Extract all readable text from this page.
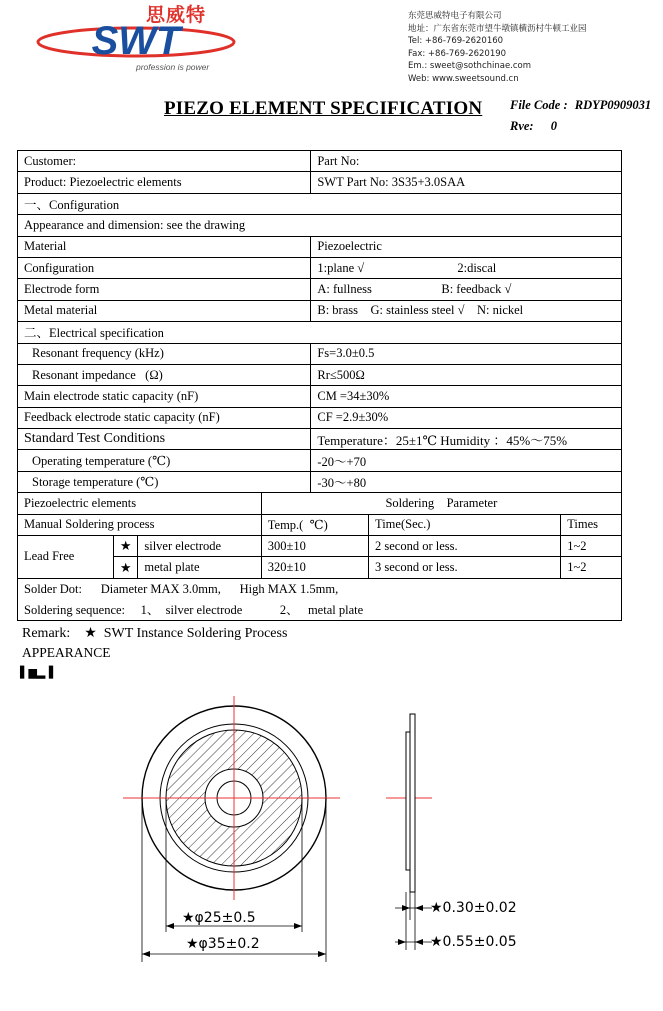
思威特
SWT
profession is power
东莞思威特电子有限公司
地址：广东省东莞市望牛墩镇横沥村牛顿工业园
Tel: +86-769-2620160
Fax: +86-769-2620190
Em.: sweet@sothchinae.com
Web: www.sweetsound.cn
PIEZO ELEMENT SPECIFICATION File Code : RDYP0909031
Rve: 0
Customer:				Part No:		
Product: Piezoelectric elements				SWT Part No: 3S35+3.0SAA		
一、Configuration						
Appearance and dimension: see the drawing						
Material				Piezoelectric		
Configuration				1:plane √ 2:discal		
Electrode form				A: fullness B: feedback √		
Metal material				B: brass    G: stainless steel √    N: nickel		
二、Electrical specification						
Resonant frequency (kHz)				Fs=3.0±0.5		
Resonant impedance   (Ω)				Rr≤500Ω		
Main electrode static capacity (nF)				CM =34±30%		
Feedback electrode static capacity (nF)				CF =2.9±30%		
Standard Test Conditions				Temperature：25±1℃ Humidity ：45%～75%		
Operating temperature (℃)				-20～+70		
Storage temperature (℃)				-30～+80		
Piezoelectric elements			Soldering    Parameter			
Manual Soldering process			Temp.(  ℃)		Time(Sec.)	Times
Lead Free	★	silver electrode	300±10		2 second or less.	1~2
	★	metal plate	320±10		3 second or less.	1~2
Solder Dot:      Diameter MAX 3.0mm,      High MAX 1.5mm,						
Soldering sequence:     1、  silver electrode            2、   metal plate						
Remark:    ★  SWT Instance Soldering Process
APPEARANCE
▌▆▂ ▌
★φ25±0.5
★φ35±0.2
★0.30±0.02
★0.55±0.05
